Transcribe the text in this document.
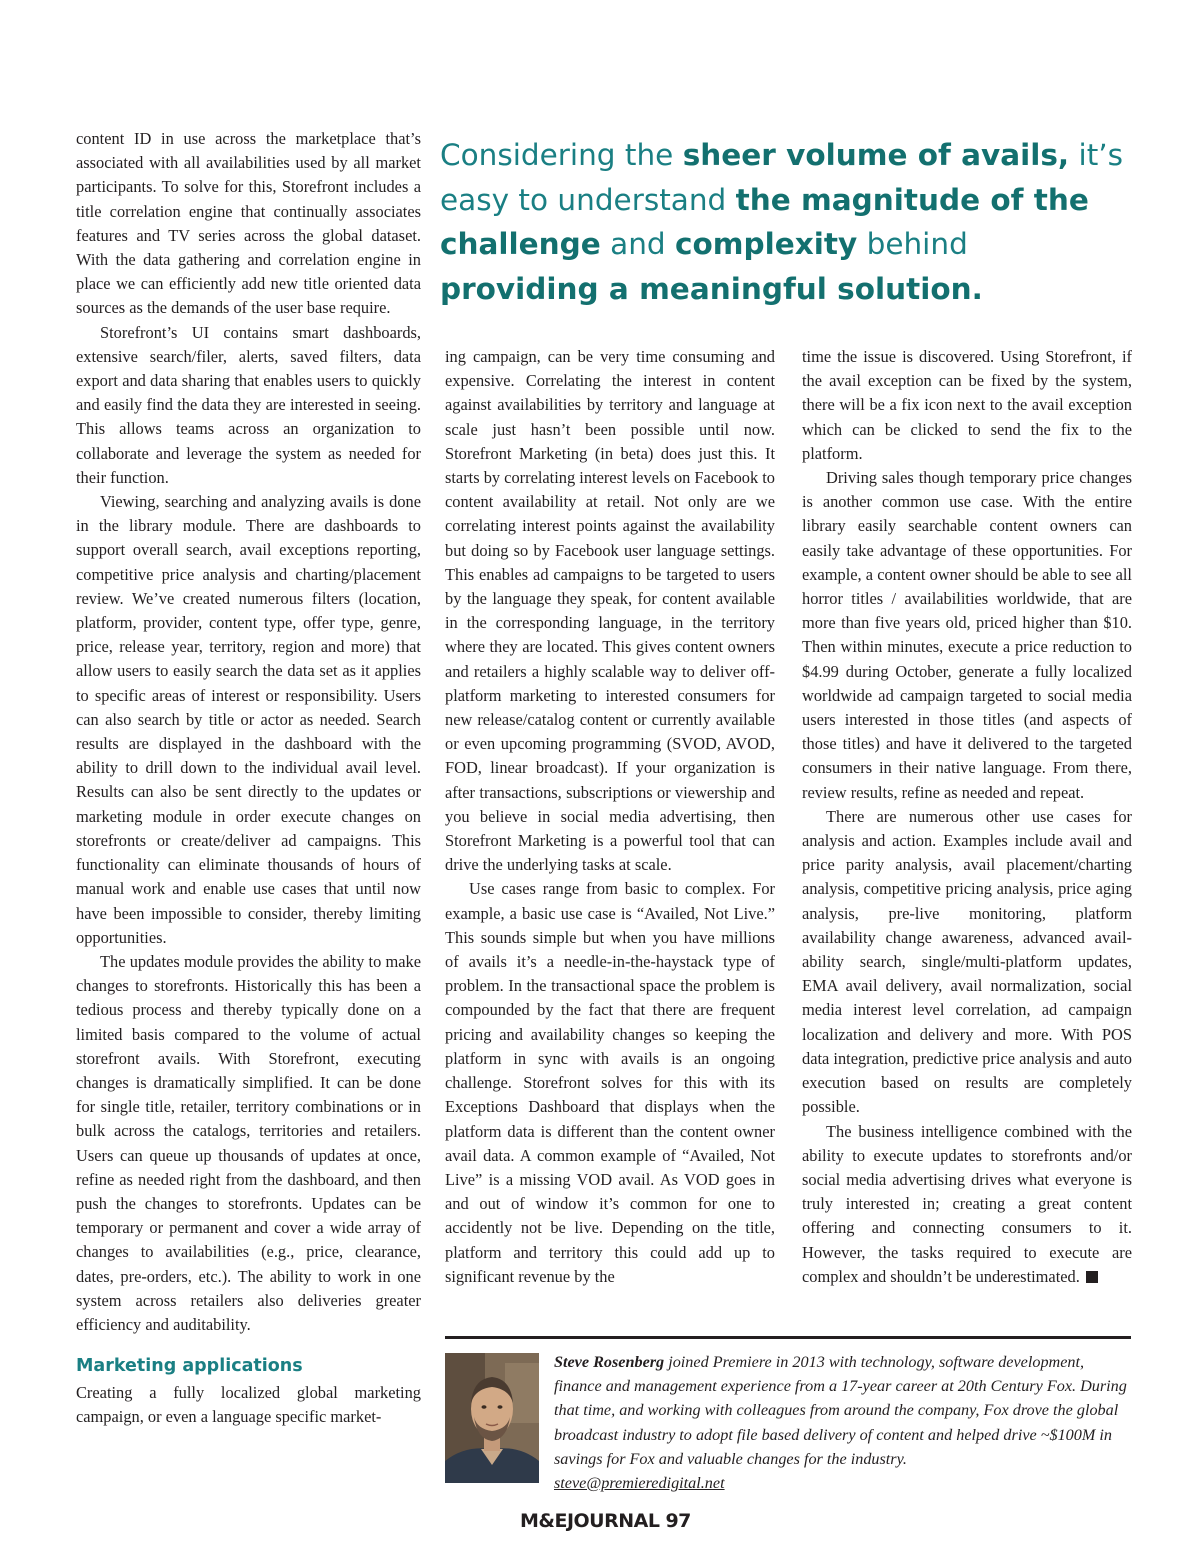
Considering the sheer volume of avails, it’s easy to understand the magnitude of the challenge and complexity behind providing a meaningful solution.

content ID in use across the marketplace that’s associated with all availabilities used by all market participants. To solve for this, Storefront includes a title correlation engine that continually associates features and TV series across the global dataset. With the data gathering and correlation engine in place we can efficiently add new title oriented data sources as the demands of the user base require.

Storefront’s UI contains smart dashboards, extensive search/filer, alerts, saved filters, data export and data sharing that enables users to quickly and easily find the data they are interested in seeing. This allows teams across an organization to collaborate and leverage the system as needed for their function.

Viewing, searching and analyzing avails is done in the library module. There are dashboards to support overall search, avail exceptions reporting, competitive price analysis and charting/placement review. We’ve created numerous filters (location, platform, provider, content type, offer type, genre, price, release year, territory, region and more) that allow users to easily search the data set as it applies to specific areas of interest or responsibility. Users can also search by title or actor as needed. Search results are displayed in the dashboard with the ability to drill down to the individual avail level. Results can also be sent directly to the updates or marketing module in order execute changes on storefronts or create/deliver ad campaigns. This functionality can eliminate thousands of hours of manual work and enable use cases that until now have been impossible to consider, thereby limiting opportunities.

The updates module provides the ability to make changes to storefronts. Historically this has been a tedious process and thereby typically done on a limited basis compared to the volume of actual storefront avails. With Storefront, executing changes is dramatically simplified. It can be done for single title, retailer, territory combinations or in bulk across the catalogs, territories and retailers. Users can queue up thousands of updates at once, refine as needed right from the dashboard, and then push the changes to storefronts. Updates can be temporary or permanent and cover a wide array of changes to availabilities (e.g., price, clearance, dates, pre-orders, etc.). The ability to work in one system across retailers also deliveries greater efficiency and auditability.

Marketing applications

Creating a fully localized global marketing campaign, or even a language specific market-

ing campaign, can be very time consuming and expensive. Correlating the interest in content against availabilities by territory and language at scale just hasn’t been possible until now. Storefront Marketing (in beta) does just this. It starts by correlating interest levels on Facebook to content availability at retail. Not only are we correlating interest points against the availability but doing so by Facebook user language settings. This enables ad campaigns to be targeted to users by the language they speak, for content available in the corresponding language, in the territory where they are located. This gives content owners and retailers a highly scalable way to deliver off-platform marketing to interested consumers for new release/catalog content or currently available or even upcoming programming (SVOD, AVOD, FOD, linear broadcast). If your organization is after transactions, subscriptions or viewership and you believe in social media advertising, then Storefront Marketing is a powerful tool that can drive the underlying tasks at scale.

Use cases range from basic to complex. For example, a basic use case is “Availed, Not Live.” This sounds simple but when you have millions of avails it’s a needle-in-the-haystack type of problem. In the transactional space the problem is compounded by the fact that there are frequent pricing and availability changes so keeping the platform in sync with avails is an ongoing challenge. Storefront solves for this with its Exceptions Dashboard that displays when the platform data is different than the content owner avail data. A common example of “Availed, Not Live” is a missing VOD avail. As VOD goes in and out of window it’s common for one to accidently not be live. Depending on the title, platform and territory this could add up to significant revenue by the

time the issue is discovered. Using Storefront, if the avail exception can be fixed by the system, there will be a fix icon next to the avail exception which can be clicked to send the fix to the platform.

Driving sales though temporary price changes is another common use case. With the entire library easily searchable content owners can easily take advantage of these opportunities. For example, a content owner should be able to see all horror titles / availabilities worldwide, that are more than five years old, priced higher than $10. Then within minutes, execute a price reduction to $4.99 during October, generate a fully localized worldwide ad campaign targeted to social media users interested in those titles (and aspects of those titles) and have it delivered to the targeted consumers in their native language. From there, review results, refine as needed and repeat.

There are numerous other use cases for analysis and action. Examples include avail and price parity analysis, avail placement/charting analysis, competitive pricing analysis, price aging analysis, pre-live monitoring, platform availability change awareness, advanced availability search, single/multi-platform updates, EMA avail delivery, avail normalization, social media interest level correlation, ad campaign localization and delivery and more. With POS data integration, predictive price analysis and auto execution based on results are completely possible.

The business intelligence combined with the ability to execute updates to storefronts and/or social media advertising drives what everyone is truly interested in; creating a great content offering and connecting consumers to it. However, the tasks required to execute are complex and shouldn’t be underestimated.

Steve Rosenberg joined Premiere in 2013 with technology, software development, finance and management experience from a 17-year career at 20th Century Fox. During that time, and working with colleagues from around the company, Fox drove the global broadcast industry to adopt file based delivery of content and helped drive ~$100M in savings for Fox and valuable changes for the industry.
steve@premieredigital.net

M&EJOURNAL 97
